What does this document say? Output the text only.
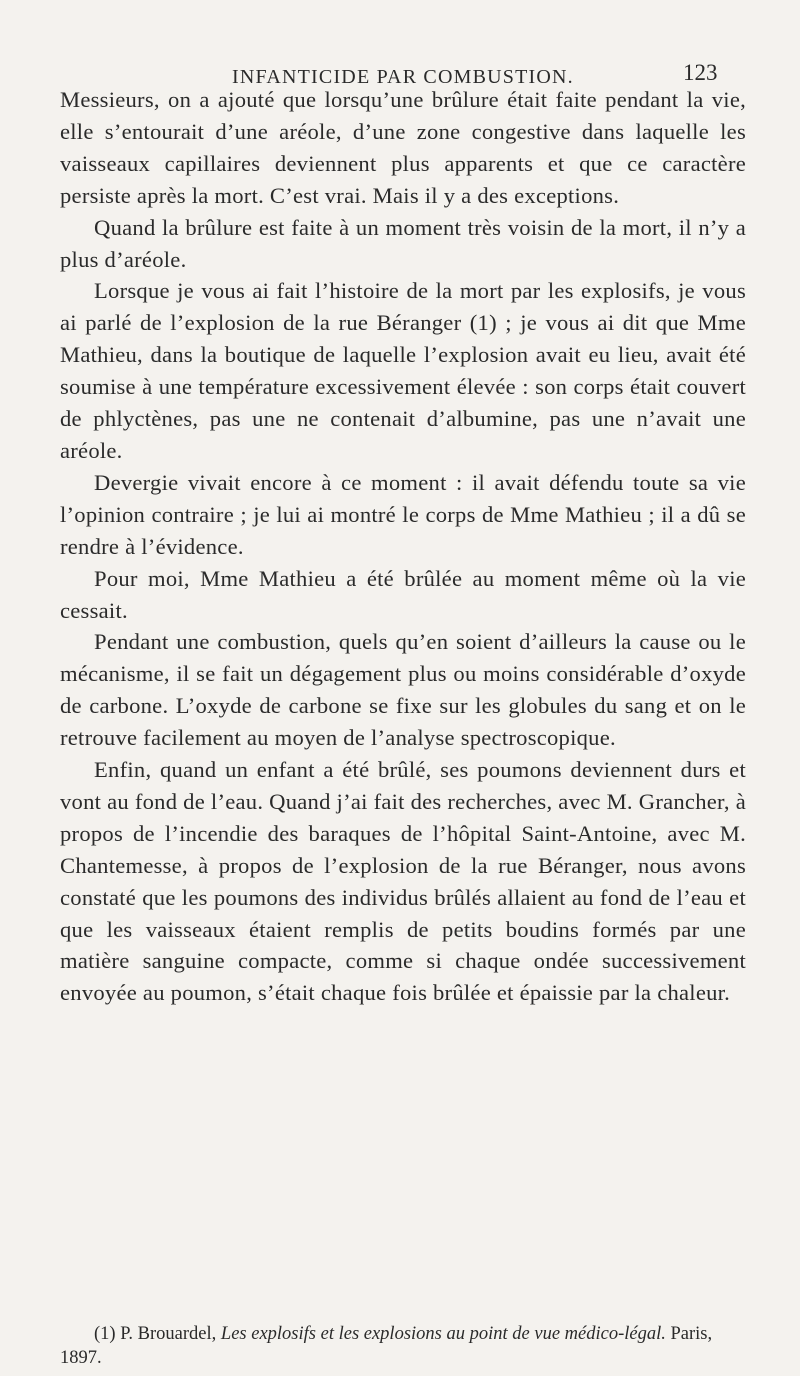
INFANTICIDE PAR COMBUSTION.	123

Messieurs, on a ajouté que lorsqu’une brûlure était faite pendant la vie, elle s’entourait d’une aréole, d’une zone congestive dans laquelle les vaisseaux capillaires deviennent plus apparents et que ce caractère persiste après la mort. C’est vrai. Mais il y a des exceptions.

Quand la brûlure est faite à un moment très voisin de la mort, il n’y a plus d’aréole.

Lorsque je vous ai fait l’histoire de la mort par les explosifs, je vous ai parlé de l’explosion de la rue Béranger (1) ; je vous ai dit que Mme Mathieu, dans la boutique de laquelle l’explosion avait eu lieu, avait été soumise à une température excessivement élevée : son corps était couvert de phlyctènes, pas une ne contenait d’albumine, pas une n’avait une aréole.

Devergie vivait encore à ce moment : il avait défendu toute sa vie l’opinion contraire ; je lui ai montré le corps de Mme Mathieu ; il a dû se rendre à l’évidence.

Pour moi, Mme Mathieu a été brûlée au moment même où la vie cessait.

Pendant une combustion, quels qu’en soient d’ailleurs la cause ou le mécanisme, il se fait un dégagement plus ou moins considérable d’oxyde de carbone. L’oxyde de carbone se fixe sur les globules du sang et on le retrouve facilement au moyen de l’analyse spectroscopique.

Enfin, quand un enfant a été brûlé, ses poumons deviennent durs et vont au fond de l’eau. Quand j’ai fait des recherches, avec M. Grancher, à propos de l’incendie des baraques de l’hôpital Saint-Antoine, avec M. Chantemesse, à propos de l’explosion de la rue Béranger, nous avons constaté que les poumons des individus brûlés allaient au fond de l’eau et que les vaisseaux étaient remplis de petits boudins formés par une matière sanguine compacte, comme si chaque ondée successivement envoyée au poumon, s’était chaque fois brûlée et épaissie par la chaleur.

(1) P. Brouardel, Les explosifs et les explosions au point de vue médico-légal. Paris, 1897.
